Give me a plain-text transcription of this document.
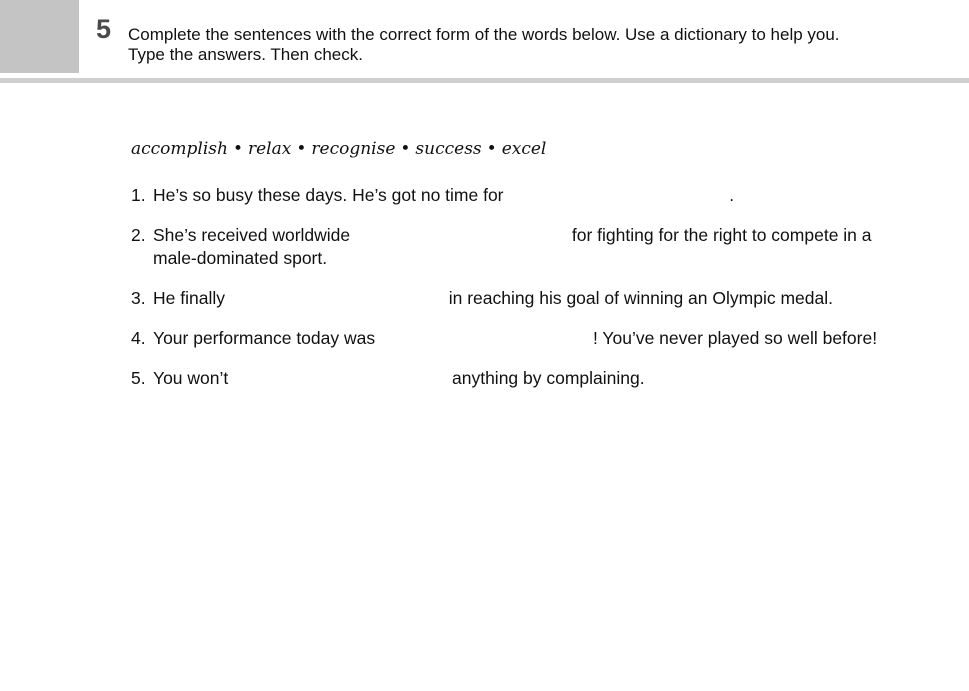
5 Complete the sentences with the correct form of the words below. Use a dictionary to help you.
Type the answers. Then check.
accomplish • relax • recognise • success • excel
1. He’s so busy these days. He’s got no time for	.
2. She’s received worldwide	for fighting for the right to compete in a
male-dominated sport.
3. He finally	in reaching his goal of winning an Olympic medal.
4. Your performance today was	! You’ve never played so well before!
5. You won’t	anything by complaining.
